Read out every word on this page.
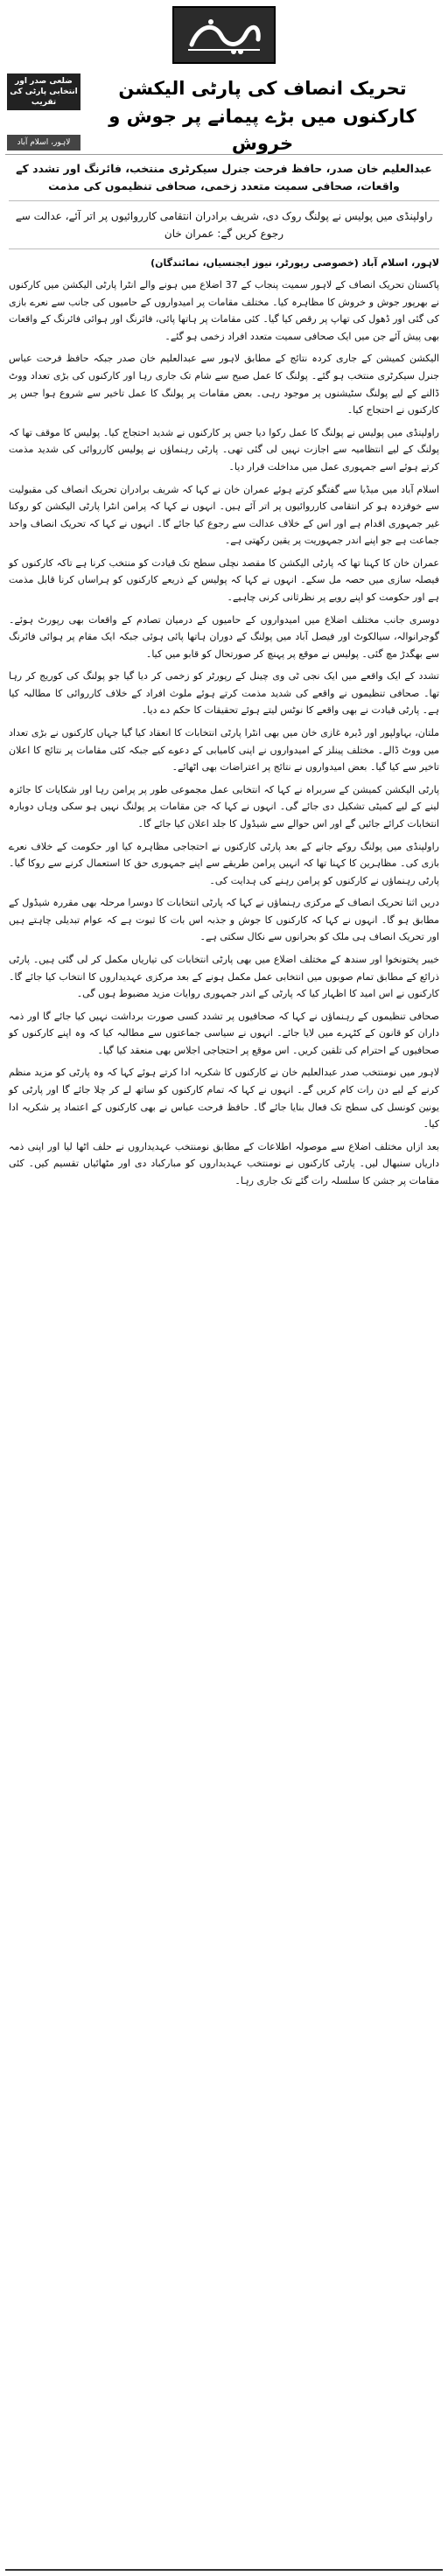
ضلعی صدر اور انتخابی پارٹی کی تقریب
لاہور، اسلام آباد
تحریک انصاف کی پارٹی الیکشن کارکنوں میں بڑے پیمانے پر جوش و خروش
عبدالعلیم خان صدر، حافظ فرحت جنرل سیکرٹری منتخب، فائرنگ اور تشدد کے واقعات، صحافی سمیت متعدد زخمی، صحافی تنظیموں کی مذمت
راولپنڈی میں پولیس نے پولنگ روک دی، شریف برادران انتقامی کارروائیوں پر اتر آئے، عدالت سے رجوع کریں گے: عمران خان

لاہور، اسلام آباد (خصوصی رپورٹر، نیوز ایجنسیاں، نمائندگان)

پاکستان تحریک انصاف کے لاہور سمیت پنجاب کے 37 اضلاع میں ہونے والے انٹرا پارٹی الیکشن میں کارکنوں نے بھرپور جوش و خروش کا مظاہرہ کیا۔ مختلف مقامات پر امیدواروں کے حامیوں کی جانب سے نعرے بازی کی گئی اور ڈھول کی تھاپ پر رقص کیا گیا۔ کئی مقامات پر ہاتھا پائی، فائرنگ اور ہوائی فائرنگ کے واقعات بھی پیش آئے جن میں ایک صحافی سمیت متعدد افراد زخمی ہو گئے۔

الیکشن کمیشن کے جاری کردہ نتائج کے مطابق لاہور سے عبدالعلیم خان صدر جبکہ حافظ فرحت عباس جنرل سیکرٹری منتخب ہو گئے۔ پولنگ کا عمل صبح سے شام تک جاری رہا اور کارکنوں کی بڑی تعداد ووٹ ڈالنے کے لیے پولنگ سٹیشنوں پر موجود رہی۔ بعض مقامات پر پولنگ کا عمل تاخیر سے شروع ہوا جس پر کارکنوں نے احتجاج کیا۔

راولپنڈی میں پولیس نے پولنگ کا عمل رکوا دیا جس پر کارکنوں نے شدید احتجاج کیا۔ پولیس کا موقف تھا کہ پولنگ کے لیے انتظامیہ سے اجازت نہیں لی گئی تھی۔ پارٹی رہنماؤں نے پولیس کارروائی کی شدید مذمت کرتے ہوئے اسے جمہوری عمل میں مداخلت قرار دیا۔

اسلام آباد میں میڈیا سے گفتگو کرتے ہوئے عمران خان نے کہا کہ شریف برادران تحریک انصاف کی مقبولیت سے خوفزدہ ہو کر انتقامی کارروائیوں پر اتر آئے ہیں۔ انہوں نے کہا کہ پرامن انٹرا پارٹی الیکشن کو روکنا غیر جمہوری اقدام ہے اور اس کے خلاف عدالت سے رجوع کیا جائے گا۔ انہوں نے کہا کہ تحریک انصاف واحد جماعت ہے جو اپنے اندر جمہوریت پر یقین رکھتی ہے۔

عمران خان کا کہنا تھا کہ پارٹی الیکشن کا مقصد نچلی سطح تک قیادت کو منتخب کرنا ہے تاکہ کارکنوں کو فیصلہ سازی میں حصہ مل سکے۔ انہوں نے کہا کہ پولیس کے ذریعے کارکنوں کو ہراساں کرنا قابل مذمت ہے اور حکومت کو اپنے رویے پر نظرثانی کرنی چاہیے۔

دوسری جانب مختلف اضلاع میں امیدواروں کے حامیوں کے درمیان تصادم کے واقعات بھی رپورٹ ہوئے۔ گوجرانوالہ، سیالکوٹ اور فیصل آباد میں پولنگ کے دوران ہاتھا پائی ہوئی جبکہ ایک مقام پر ہوائی فائرنگ سے بھگدڑ مچ گئی۔ پولیس نے موقع پر پہنچ کر صورتحال کو قابو میں کیا۔

تشدد کے ایک واقعے میں ایک نجی ٹی وی چینل کے رپورٹر کو زخمی کر دیا گیا جو پولنگ کی کوریج کر رہا تھا۔ صحافی تنظیموں نے واقعے کی شدید مذمت کرتے ہوئے ملوث افراد کے خلاف کارروائی کا مطالبہ کیا ہے۔ پارٹی قیادت نے بھی واقعے کا نوٹس لیتے ہوئے تحقیقات کا حکم دے دیا۔

ملتان، بہاولپور اور ڈیرہ غازی خان میں بھی انٹرا پارٹی انتخابات کا انعقاد کیا گیا جہاں کارکنوں نے بڑی تعداد میں ووٹ ڈالے۔ مختلف پینلز کے امیدواروں نے اپنی کامیابی کے دعوے کیے جبکہ کئی مقامات پر نتائج کا اعلان تاخیر سے کیا گیا۔ بعض امیدواروں نے نتائج پر اعتراضات بھی اٹھائے۔

پارٹی الیکشن کمیشن کے سربراہ نے کہا کہ انتخابی عمل مجموعی طور پر پرامن رہا اور شکایات کا جائزہ لینے کے لیے کمیٹی تشکیل دی جائے گی۔ انہوں نے کہا کہ جن مقامات پر پولنگ نہیں ہو سکی وہاں دوبارہ انتخابات کرائے جائیں گے اور اس حوالے سے شیڈول کا جلد اعلان کیا جائے گا۔

راولپنڈی میں پولنگ روکے جانے کے بعد پارٹی کارکنوں نے احتجاجی مظاہرہ کیا اور حکومت کے خلاف نعرے بازی کی۔ مظاہرین کا کہنا تھا کہ انہیں پرامن طریقے سے اپنے جمہوری حق کا استعمال کرنے سے روکا گیا۔ پارٹی رہنماؤں نے کارکنوں کو پرامن رہنے کی ہدایت کی۔

دریں اثنا تحریک انصاف کے مرکزی رہنماؤں نے کہا کہ پارٹی انتخابات کا دوسرا مرحلہ بھی مقررہ شیڈول کے مطابق ہو گا۔ انہوں نے کہا کہ کارکنوں کا جوش و جذبہ اس بات کا ثبوت ہے کہ عوام تبدیلی چاہتے ہیں اور تحریک انصاف ہی ملک کو بحرانوں سے نکال سکتی ہے۔

خیبر پختونخوا اور سندھ کے مختلف اضلاع میں بھی پارٹی انتخابات کی تیاریاں مکمل کر لی گئی ہیں۔ پارٹی ذرائع کے مطابق تمام صوبوں میں انتخابی عمل مکمل ہونے کے بعد مرکزی عہدیداروں کا انتخاب کیا جائے گا۔ کارکنوں نے اس امید کا اظہار کیا کہ پارٹی کے اندر جمہوری روایات مزید مضبوط ہوں گی۔

صحافی تنظیموں کے رہنماؤں نے کہا کہ صحافیوں پر تشدد کسی صورت برداشت نہیں کیا جائے گا اور ذمہ داران کو قانون کے کٹہرے میں لایا جائے۔ انہوں نے سیاسی جماعتوں سے مطالبہ کیا کہ وہ اپنے کارکنوں کو صحافیوں کے احترام کی تلقین کریں۔ اس موقع پر احتجاجی اجلاس بھی منعقد کیا گیا۔

لاہور میں نومنتخب صدر عبدالعلیم خان نے کارکنوں کا شکریہ ادا کرتے ہوئے کہا کہ وہ پارٹی کو مزید منظم کرنے کے لیے دن رات کام کریں گے۔ انہوں نے کہا کہ تمام کارکنوں کو ساتھ لے کر چلا جائے گا اور پارٹی کو یونین کونسل کی سطح تک فعال بنایا جائے گا۔ حافظ فرحت عباس نے بھی کارکنوں کے اعتماد پر شکریہ ادا کیا۔

بعد ازاں مختلف اضلاع سے موصولہ اطلاعات کے مطابق نومنتخب عہدیداروں نے حلف اٹھا لیا اور اپنی ذمہ داریاں سنبھال لیں۔ پارٹی کارکنوں نے نومنتخب عہدیداروں کو مبارکباد دی اور مٹھائیاں تقسیم کیں۔ کئی مقامات پر جشن کا سلسلہ رات گئے تک جاری رہا۔
